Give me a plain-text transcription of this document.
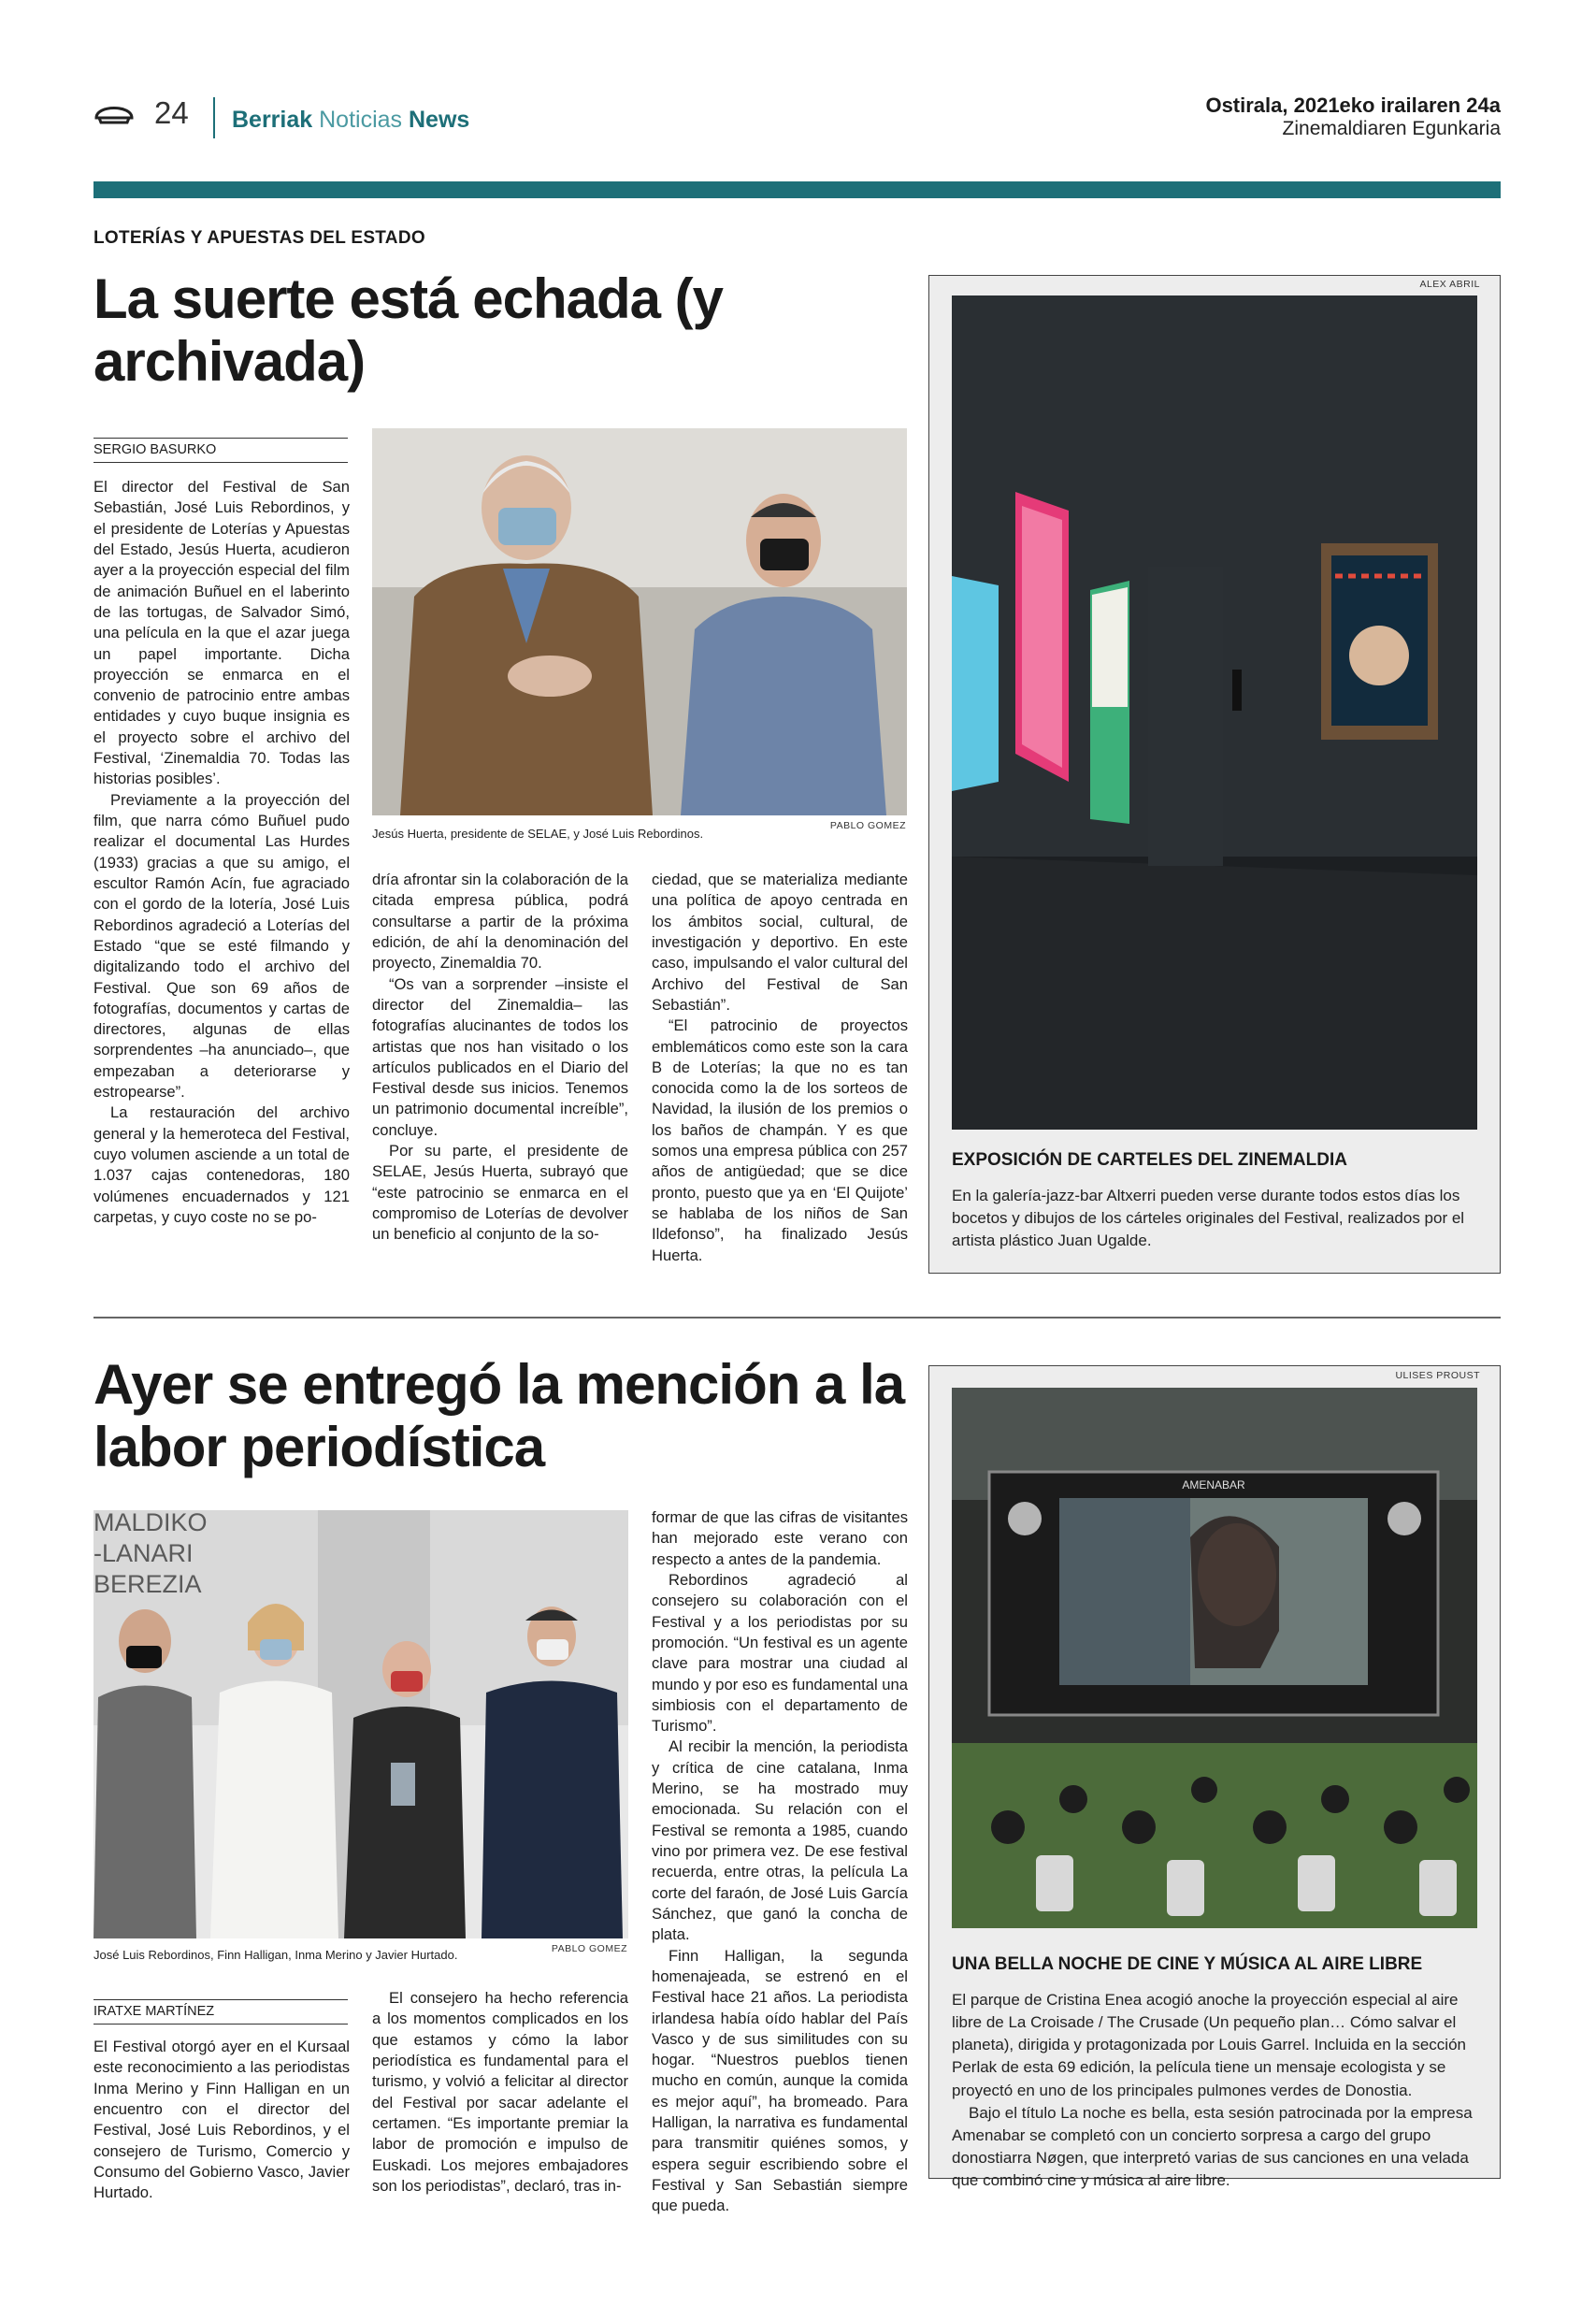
24 Berriak Noticias News
Ostirala, 2021eko irailaren 24a
Zinemaldiaren Egunkaria
LOTERÍAS Y APUESTAS DEL ESTADO
La suerte está echada (y archivada)
SERGIO BASURKO

El director del Festival de San Sebastián, José Luis Rebordinos, y el presidente de Loterías y Apuestas del Estado, Jesús Huerta, acudieron ayer a la proyección especial del film de animación Buñuel en el laberinto de las tortugas, de Salvador Simó, una película en la que el azar juega un papel importante. Dicha proyección se enmarca en el convenio de patrocinio entre ambas entidades y cuyo buque insignia es el proyecto sobre el archivo del Festival, ‘Zinemaldia 70. Todas las historias posibles’.

Previamente a la proyección del film, que narra cómo Buñuel pudo realizar el documental Las Hurdes (1933) gracias a que su amigo, el escultor Ramón Acín, fue agraciado con el gordo de la lotería, José Luis Rebordinos agradeció a Loterías del Estado “que se esté filmando y digitalizando todo el archivo del Festival. Que son 69 años de fotografías, documentos y cartas de directores, algunas de ellas sorprendentes –ha anunciado–, que empezaban a deteriorarse y estropearse”.

La restauración del archivo general y la hemeroteca del Festival, cuyo volumen asciende a un total de 1.037 cajas contenedoras, 180 volúmenes encuadernados y 121 carpetas, y cuyo coste no se po-

Jesús Huerta, presidente de SELAE, y José Luis Rebordinos.
PABLO GOMEZ

dría afrontar sin la colaboración de la citada empresa pública, podrá consultarse a partir de la próxima edición, de ahí la denominación del proyecto, Zinemaldia 70.

“Os van a sorprender –insiste el director del Zinemaldia– las fotografías alucinantes de todos los artistas que nos han visitado o los artículos publicados en el Diario del Festival desde sus inicios. Tenemos un patrimonio documental increíble”, concluye.

Por su parte, el presidente de SELAE, Jesús Huerta, subrayó que “este patrocinio se enmarca en el compromiso de Loterías de devolver un beneficio al conjunto de la so-

ciedad, que se materializa mediante una política de apoyo centrada en los ámbitos social, cultural, de investigación y deportivo. En este caso, impulsando el valor cultural del Archivo del Festival de San Sebastián”.

“El patrocinio de proyectos emblemáticos como este son la cara B de Loterías; la que no es tan conocida como la de los sorteos de Navidad, la ilusión de los premios o los baños de champán. Y es que somos una empresa pública con 257 años de antigüedad; que se dice pronto, puesto que ya en ‘El Quijote’ se hablaba de los niños de San Ildefonso”, ha finalizado Jesús Huerta.

ALEX ABRIL
EXPOSICIÓN DE CARTELES DEL ZINEMALDIA
En la galería-jazz-bar Altxerri pueden verse durante todos estos días los bocetos y dibujos de los cárteles originales del Festival, realizados por el artista plástico Juan Ugalde.
Ayer se entregó la mención a la labor periodística
MALDIKO
-LANARI
BEREZIA
José Luis Rebordinos, Finn Halligan, Inma Merino y Javier Hurtado.	PABLO GOMEZ

formar de que las cifras de visitantes han mejorado este verano con respecto a antes de la pandemia.

Rebordinos agradeció al consejero su colaboración con el Festival y a los periodistas por su promoción. “Un festival es un agente clave para mostrar una ciudad al mundo y por eso es fundamental una simbiosis con el departamento de Turismo”.

Al recibir la mención, la periodista y crítica de cine catalana, Inma Merino, se ha mostrado muy emocionada. Su relación con el Festival se remonta a 1985, cuando vino por primera vez. De ese festival recuerda, entre otras, la película La corte del faraón, de José Luis García Sánchez, que ganó la concha de plata.

Finn Halligan, la segunda homenajeada, se estrenó en el Festival hace 21 años. La periodista irlandesa había oído hablar del País Vasco y de sus similitudes con su hogar. “Nuestros pueblos tienen mucho en común, aunque la comida es mejor aquí”, ha bromeado. Para Halligan, la narrativa es fundamental para transmitir quiénes somos, y espera seguir escribiendo sobre el Festival y San Sebastián siempre que pueda.

IRATXE MARTÍNEZ

El Festival otorgó ayer en el Kursaal este reconocimiento a las periodistas Inma Merino y Finn Halligan en un encuentro con el director del Festival, José Luis Rebordinos, y el consejero de Turismo, Comercio y Consumo del Gobierno Vasco, Javier Hurtado.

El consejero ha hecho referencia a los momentos complicados en los que estamos y cómo la labor periodística es fundamental para el turismo, y volvió a felicitar al director del Festival por sacar adelante el certamen. “Es importante premiar la labor de promoción e impulso de Euskadi. Los mejores embajadores son los periodistas”, declaró, tras in-

ULISES PROUST
AMENABAR
UNA BELLA NOCHE DE CINE Y MÚSICA AL AIRE LIBRE
El parque de Cristina Enea acogió anoche la proyección especial al aire libre de La Croisade / The Crusade (Un pequeño plan… Cómo salvar el planeta), dirigida y protagonizada por Louis Garrel. Incluida en la sección Perlak de esta 69 edición, la película tiene un mensaje ecologista y se proyectó en uno de los principales pulmones verdes de Donostia.
Bajo el título La noche es bella, esta sesión patrocinada por la empresa Amenabar se completó con un concierto sorpresa a cargo del grupo donostiarra Nøgen, que interpretó varias de sus canciones en una velada que combinó cine y música al aire libre.
